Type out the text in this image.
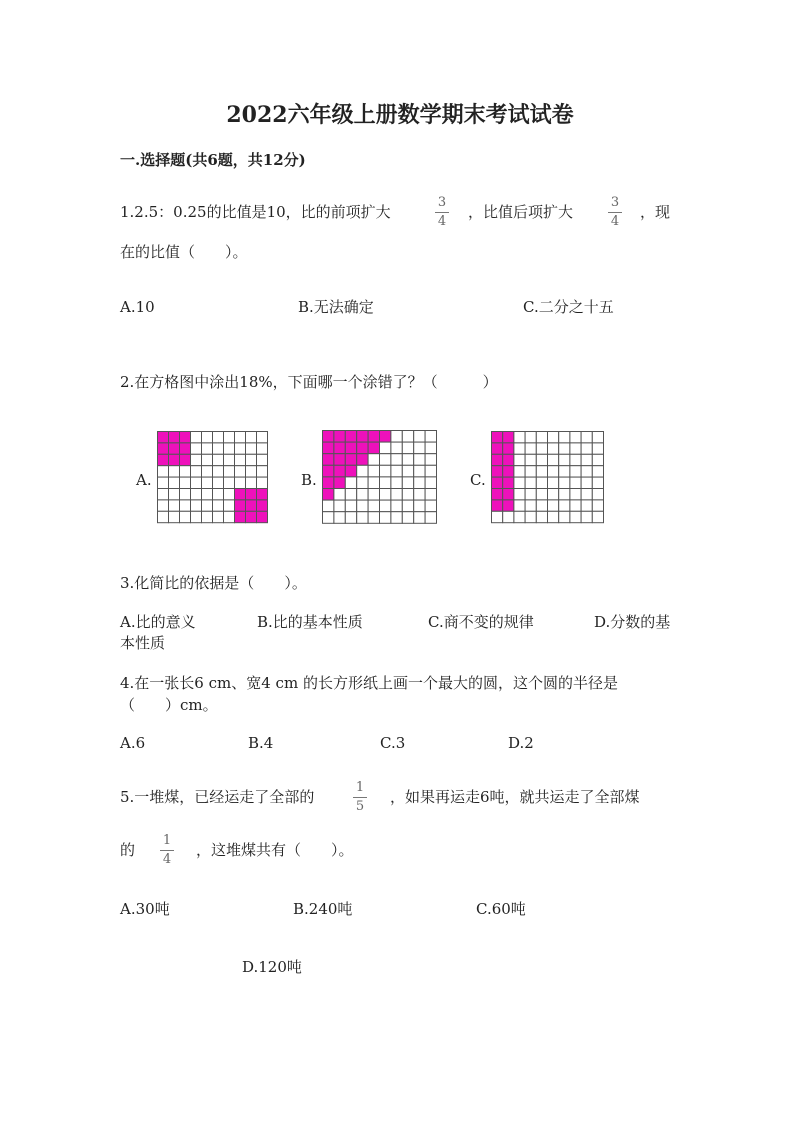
2022六年级上册数学期末考试试卷
一.选择题(共6题，共12分)
1.2.5：0.25的比值是10，比的前项扩大
3
4
，比值后项扩大
3
4
，现
在的比值（　　）。
A.10	B.无法确定	C.二分之十五
2.在方格图中涂出18%，下面哪一个涂错了？（　　　）
A.	B.	C.
3.化简比的依据是（　　）。
A.比的意义	B.比的基本性质	C.商不变的规律	D.分数的基
本性质
4.在一张长6 cm、宽4 cm 的长方形纸上画一个最大的圆，这个圆的半径是
（　　）cm。
A.6	B.4	C.3	D.2
5.一堆煤，已经运走了全部的
1
5
，如果再运走6吨，就共运走了全部煤
的
1
4
，这堆煤共有（　　）。
A.30吨	B.240吨	C.60吨
D.120吨
